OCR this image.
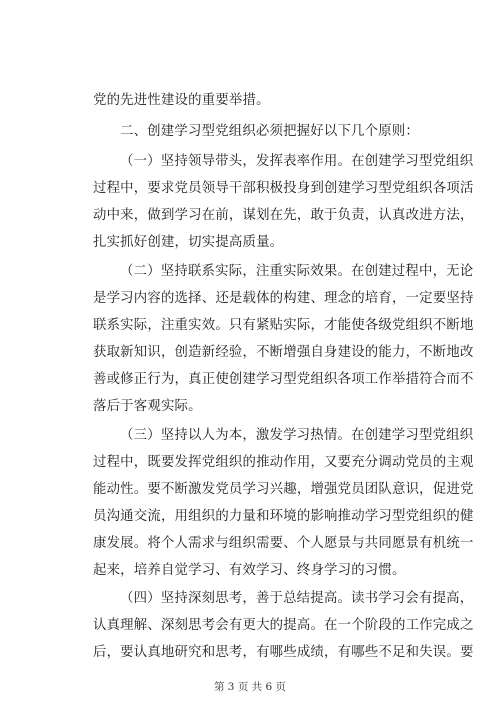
党的先进性建设的重要举措。
二、创建学习型党组织必须把握好以下几个原则：
（一）坚持领导带头，发挥表率作用。在创建学习型党组织
过程中，要求党员领导干部积极投身到创建学习型党组织各项活
动中来，做到学习在前，谋划在先，敢于负责，认真改进方法，
扎实抓好创建，切实提高质量。
（二）坚持联系实际，注重实际效果。在创建过程中，无论
是学习内容的选择、还是载体的构建、理念的培育，一定要坚持
联系实际，注重实效。只有紧贴实际，才能使各级党组织不断地
获取新知识，创造新经验，不断增强自身建设的能力，不断地改
善或修正行为，真正使创建学习型党组织各项工作举措符合而不
落后于客观实际。
（三）坚持以人为本，激发学习热情。在创建学习型党组织
过程中，既要发挥党组织的推动作用，又要充分调动党员的主观
能动性。要不断激发党员学习兴趣，增强党员团队意识，促进党
员沟通交流，用组织的力量和环境的影响推动学习型党组织的健
康发展。将个人需求与组织需要、个人愿景与共同愿景有机统一
起来，培养自觉学习、有效学习、终身学习的习惯。
（四）坚持深刻思考，善于总结提高。读书学习会有提高，
认真理解、深刻思考会有更大的提高。在一个阶段的工作完成之
后，要认真地研究和思考，有哪些成绩，有哪些不足和失误。要
第 3 页 共 6 页
